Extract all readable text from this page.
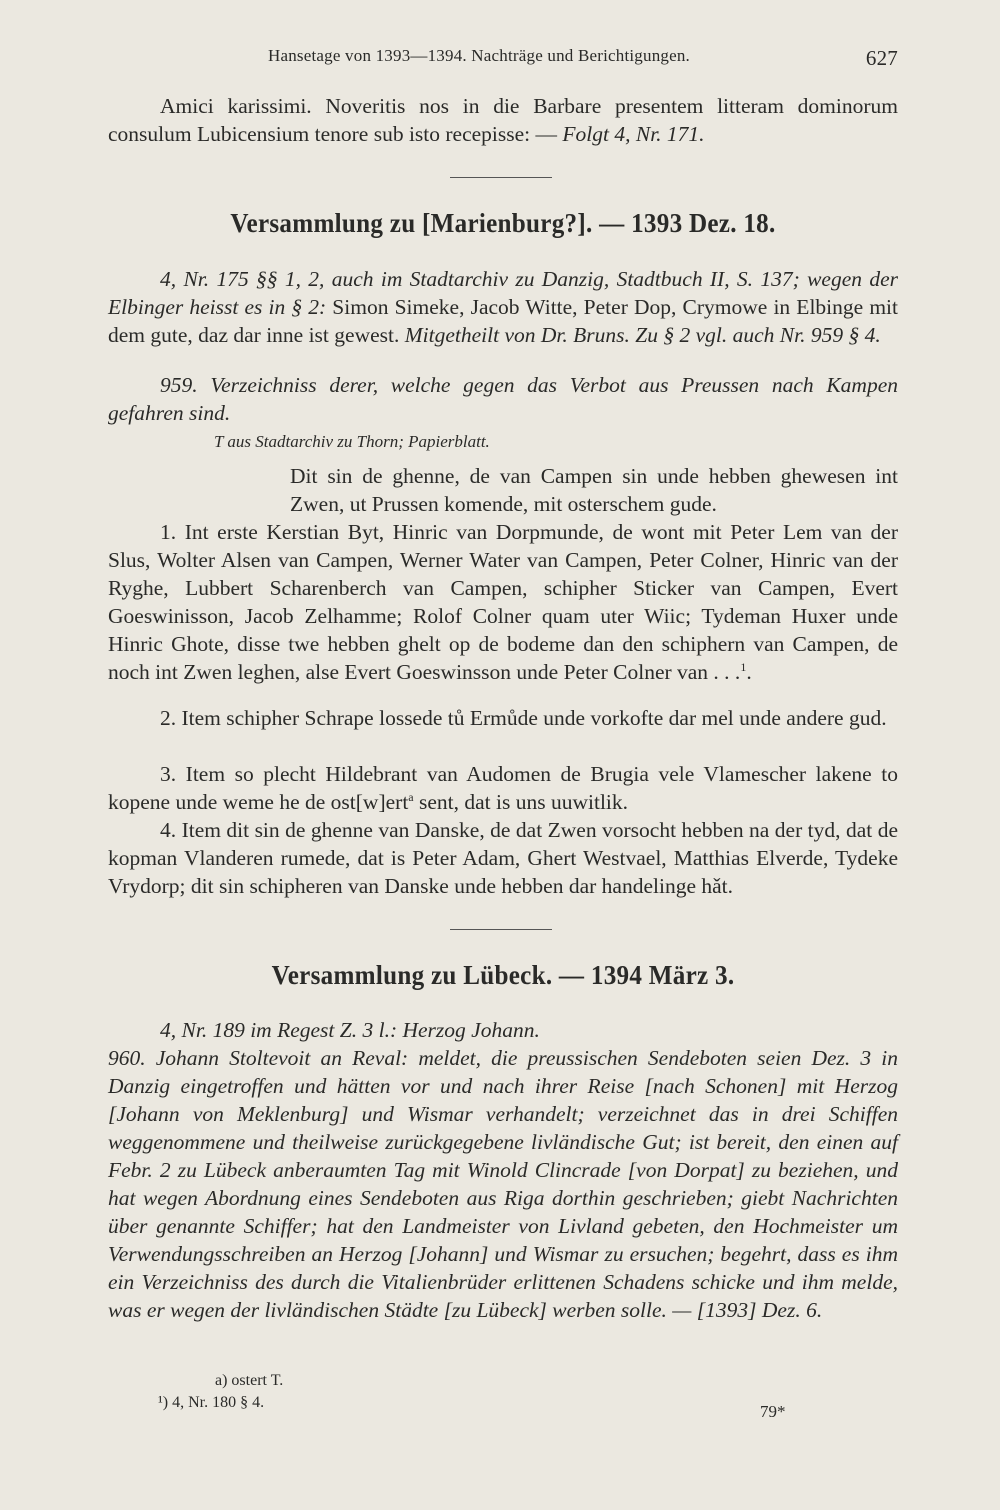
Hansetage von 1393—1394. Nachträge und Berichtigungen.	627

Amici karissimi. Noveritis nos in die Barbare presentem litteram dominorum consulum Lubicensium tenore sub isto recepisse: — Folgt 4, Nr. 171.

Versammlung zu [Marienburg?]. — 1393 Dez. 18.

4, Nr. 175 §§ 1, 2, auch im Stadtarchiv zu Danzig, Stadtbuch II, S. 137; wegen der Elbinger heisst es in § 2: Simon Simeke, Jacob Witte, Peter Dop, Crymowe in Elbinge mit dem gute, daz dar inne ist gewest. Mitgetheilt von Dr. Bruns. Zu § 2 vgl. auch Nr. 959 § 4.

959. Verzeichniss derer, welche gegen das Verbot aus Preussen nach Kampen gefahren sind.

T aus Stadtarchiv zu Thorn; Papierblatt.

Dit sin de ghenne, de van Campen sin unde hebben ghewesen int Zwen, ut Prussen komende, mit osterschem gude.

1. Int erste Kerstian Byt, Hinric van Dorpmunde, de wont mit Peter Lem van der Slus, Wolter Alsen van Campen, Werner Water van Campen, Peter Colner, Hinric van der Ryghe, Lubbert Scharenberch van Campen, schipher Sticker van Campen, Evert Goeswinisson, Jacob Zelhamme; Rolof Colner quam uter Wiic; Tydeman Huxer unde Hinric Ghote, disse twe hebben ghelt op de bodeme dan den schiphern van Campen, de noch int Zwen leghen, alse Evert Goeswinsson unde Peter Colner van . . .$^1$.

2. Item schipher Schrape lossede tů Ermůde unde vorkofte dar mel unde andere gud.

3. Item so plecht Hildebrant van Audomen de Brugia vele Vlamescher lakene to kopene unde weme he de ost[w]ert$^a$ sent, dat is uns uuwitlik.

4. Item dit sin de ghenne van Danske, de dat Zwen vorsocht hebben na der tyd, dat de kopman Vlanderen rumede, dat is Peter Adam, Ghert Westvael, Matthias Elverde, Tydeke Vrydorp; dit sin schipheren van Danske unde hebben dar handelinge hǎt.

Versammlung zu Lübeck. — 1394 März 3.

4, Nr. 189 im Regest Z. 3 l.: Herzog Johann.

960. Johann Stoltevoit an Reval: meldet, die preussischen Sendeboten seien Dez. 3 in Danzig eingetroffen und hätten vor und nach ihrer Reise [nach Schonen] mit Herzog [Johann von Meklenburg] und Wismar verhandelt; verzeichnet das in drei Schiffen weggenommene und theilweise zurückgegebene livländische Gut; ist bereit, den einen auf Febr. 2 zu Lübeck anberaumten Tag mit Winold Clincrade [von Dorpat] zu beziehen, und hat wegen Abordnung eines Sendeboten aus Riga dorthin geschrieben; giebt Nachrichten über genannte Schiffer; hat den Landmeister von Livland gebeten, den Hochmeister um Verwendungsschreiben an Herzog [Johann] und Wismar zu ersuchen; begehrt, dass es ihm ein Verzeichniss des durch die Vitalienbrüder erlittenen Schadens schicke und ihm melde, was er wegen der livländischen Städte [zu Lübeck] werben solle. — [1393] Dez. 6.

a) ostert T.
¹) 4, Nr. 180 § 4.	79*
